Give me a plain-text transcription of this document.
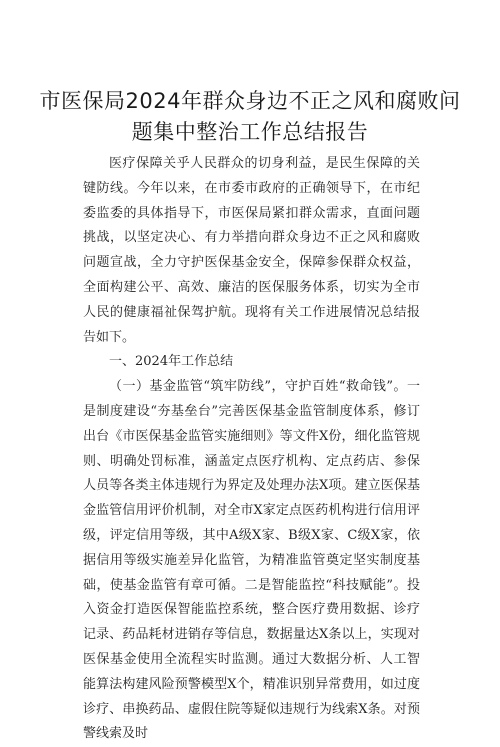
市医保局2024年群众身边不正之风和腐败问
题集中整治工作总结报告

医疗保障关乎人民群众的切身利益，是民生保障的关键防线。今年以来，在市委市政府的正确领导下，在市纪委监委的具体指导下，市医保局紧扣群众需求，直面问题挑战，以坚定决心、有力举措向群众身边不正之风和腐败问题宣战，全力守护医保基金安全，保障参保群众权益，全面构建公平、高效、廉洁的医保服务体系，切实为全市人民的健康福祉保驾护航。现将有关工作进展情况总结报告如下。

一、2024年工作总结

（一）基金监管“筑牢防线”，守护百姓“救命钱”。一是制度建设“夯基垒台”完善医保基金监管制度体系，修订出台《市医保基金监管实施细则》等文件X份，细化监管规则、明确处罚标准，涵盖定点医疗机构、定点药店、参保人员等各类主体违规行为界定及处理办法X项。建立医保基金监管信用评价机制，对全市X家定点医药机构进行信用评级，评定信用等级，其中A级X家、B级X家、C级X家，依据信用等级实施差异化监管，为精准监管奠定坚实制度基础，使基金监管有章可循。二是智能监控“科技赋能”。投入资金打造医保智能监控系统，整合医疗费用数据、诊疗记录、药品耗材进销存等信息，数据量达X条以上，实现对医保基金使用全流程实时监测。通过大数据分析、人工智能算法构建风险预警模型X个，精准识别异常费用，如过度诊疗、串换药品、虚假住院等疑似违规行为线索X条。对预警线索及时
